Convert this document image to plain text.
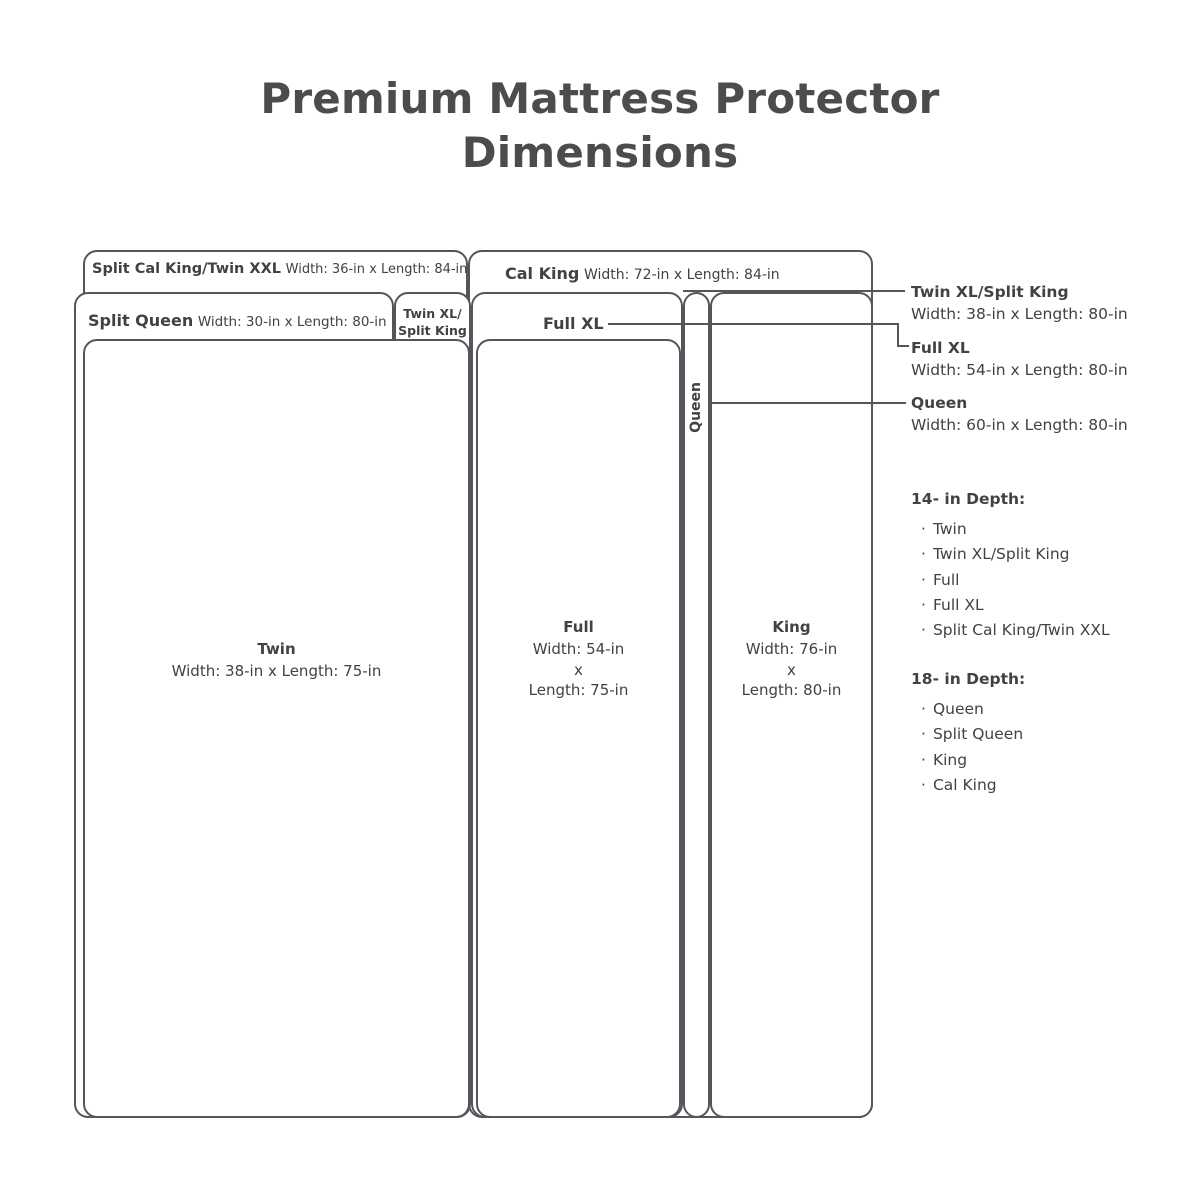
Premium Mattress Protector
Dimensions
Split Cal King/Twin XXL Width: 36-in x Length: 84-in Cal King Width: 72-in x Length: 84-in
Split Queen Width: 30-in x Length: 80-in
Twin XL/
Split King	Full XL
Queen
King
Width: 76-in
x
Length: 80-in
Full
Width: 54-in
x
Length: 75-in
Twin
Width: 38-in x Length: 75-in
Twin XL/Split King
Width: 38-in x Length: 80-in
Full XL
Width: 54-in x Length: 80-in
Queen
Width: 60-in x Length: 80-in
14- in Depth:
· Twin
· Twin XL/Split King
· Full
· Full XL
· Split Cal King/Twin XXL
18- in Depth:
· Queen
· Split Queen
· King
· Cal King
